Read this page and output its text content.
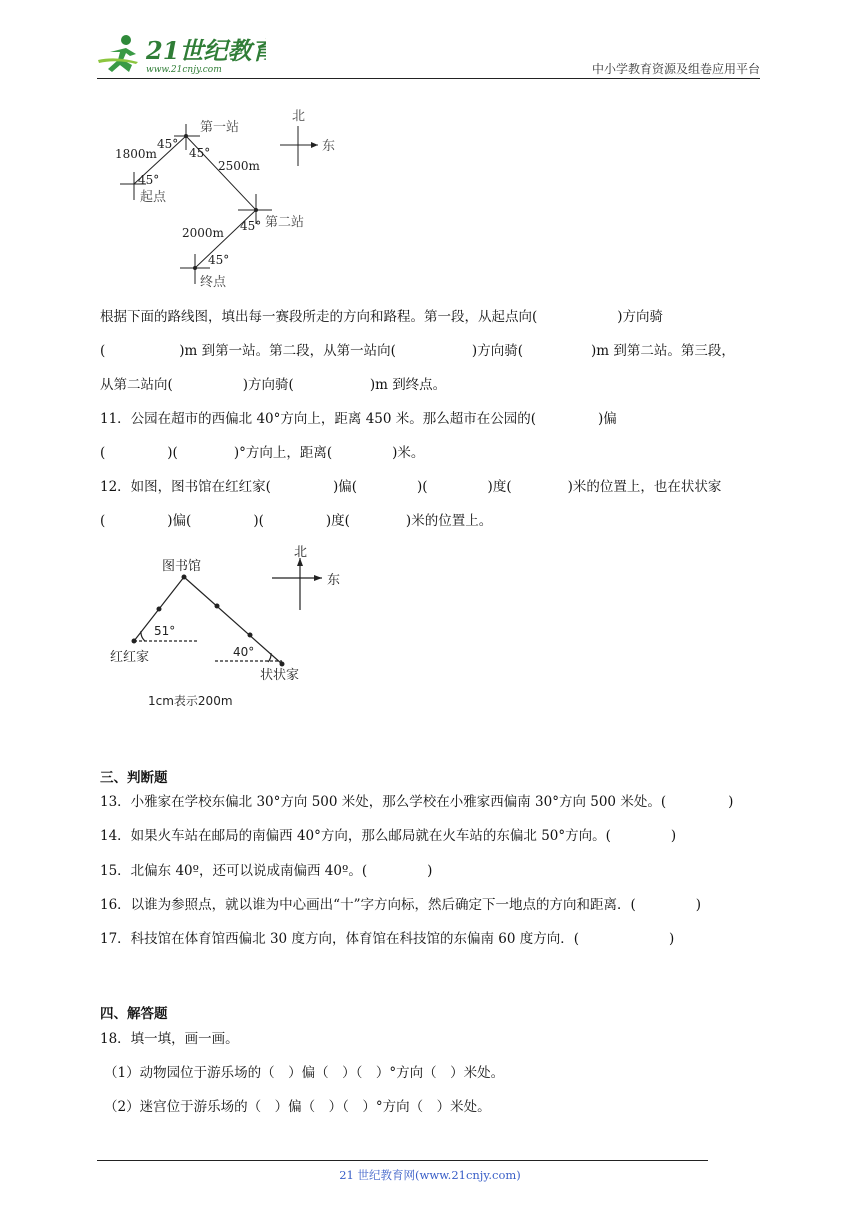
21世纪教育
www.21cnjy.com	中小学教育资源及组卷应用平台
第一站
第二站
起点
终点
北
东
1800m
2500m
2000m
45°
45°
45°
45°
45°
根据下面的路线图，填出每一赛段所走的方向和路程。第一段，从起点向(	)方向骑
(	)m 到第一站。第二段，从第一站向(	)方向骑(	)m 到第二站。第三段，
从第二站向(	)方向骑(	)m 到终点。
11．公园在超市的西偏北 40°方向上，距离 450 米。那么超市在公园的(	)偏
(	)(	)°方向上，距离(	)米。
12．如图，图书馆在红红家(	)偏(	)(	)度(	)米的位置上，也在状状家
(	)偏(	)(	)度(	)米的位置上。
图书馆
红红家
状状家
北
东
51°
40°
1cm表示200m
三、判断题
13．小雅家在学校东偏北 30°方向 500 米处，那么学校在小雅家西偏南 30°方向 500 米处。(	)
14．如果火车站在邮局的南偏西 40°方向，那么邮局就在火车站的东偏北 50°方向。(	)
15．北偏东 40º，还可以说成南偏西 40º。(	)
16．以谁为参照点，就以谁为中心画出“十”字方向标，然后确定下一地点的方向和距离．(	)
17．科技馆在体育馆西偏北 30 度方向，体育馆在科技馆的东偏南 60 度方向．(	)
四、解答题
18．填一填，画一画。
（1）动物园位于游乐场的（　）偏（　）（　）°方向（　）米处。
（2）迷宫位于游乐场的（　）偏（　）（　）°方向（　）米处。
21 世纪教育网(www.21cnjy.com)
